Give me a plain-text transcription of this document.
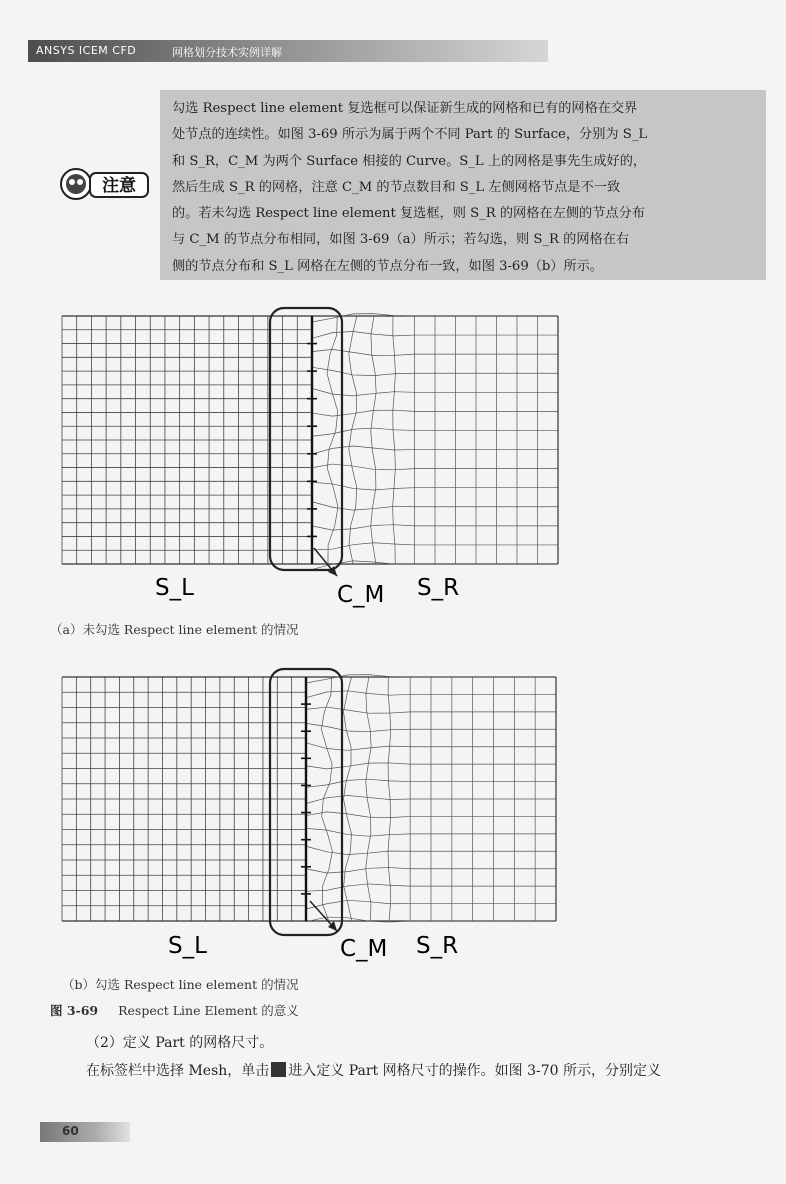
ANSYS ICEM CFD	网格划分技术实例详解
注意
勾选 Respect line element 复选框可以保证新生成的网格和已有的网格在交界
处节点的连续性。如图 3-69 所示为属于两个不同 Part 的 Surface，分别为 S_L
和 S_R，C_M 为两个 Surface 相接的 Curve。S_L 上的网格是事先生成好的，
然后生成 S_R 的网格，注意 C_M 的节点数目和 S_L 左侧网格节点是不一致
的。若未勾选 Respect line element 复选框，则 S_R 的网格在左侧的节点分布
与 C_M 的节点分布相同，如图 3-69（a）所示；若勾选，则 S_R 的网格在右
侧的节点分布和 S_L 网格在左侧的节点分布一致，如图 3-69（b）所示。
S_L	C_M S_R
（a）未勾选 Respect line element 的情况
S_L	C_M S_R
（b）勾选 Respect line element 的情况
图 3-69 Respect Line Element 的意义
（2）定义 Part 的网格尺寸。
在标签栏中选择 Mesh，单击 进入定义 Part 网格尺寸的操作。如图 3-70 所示，分别定义
60
